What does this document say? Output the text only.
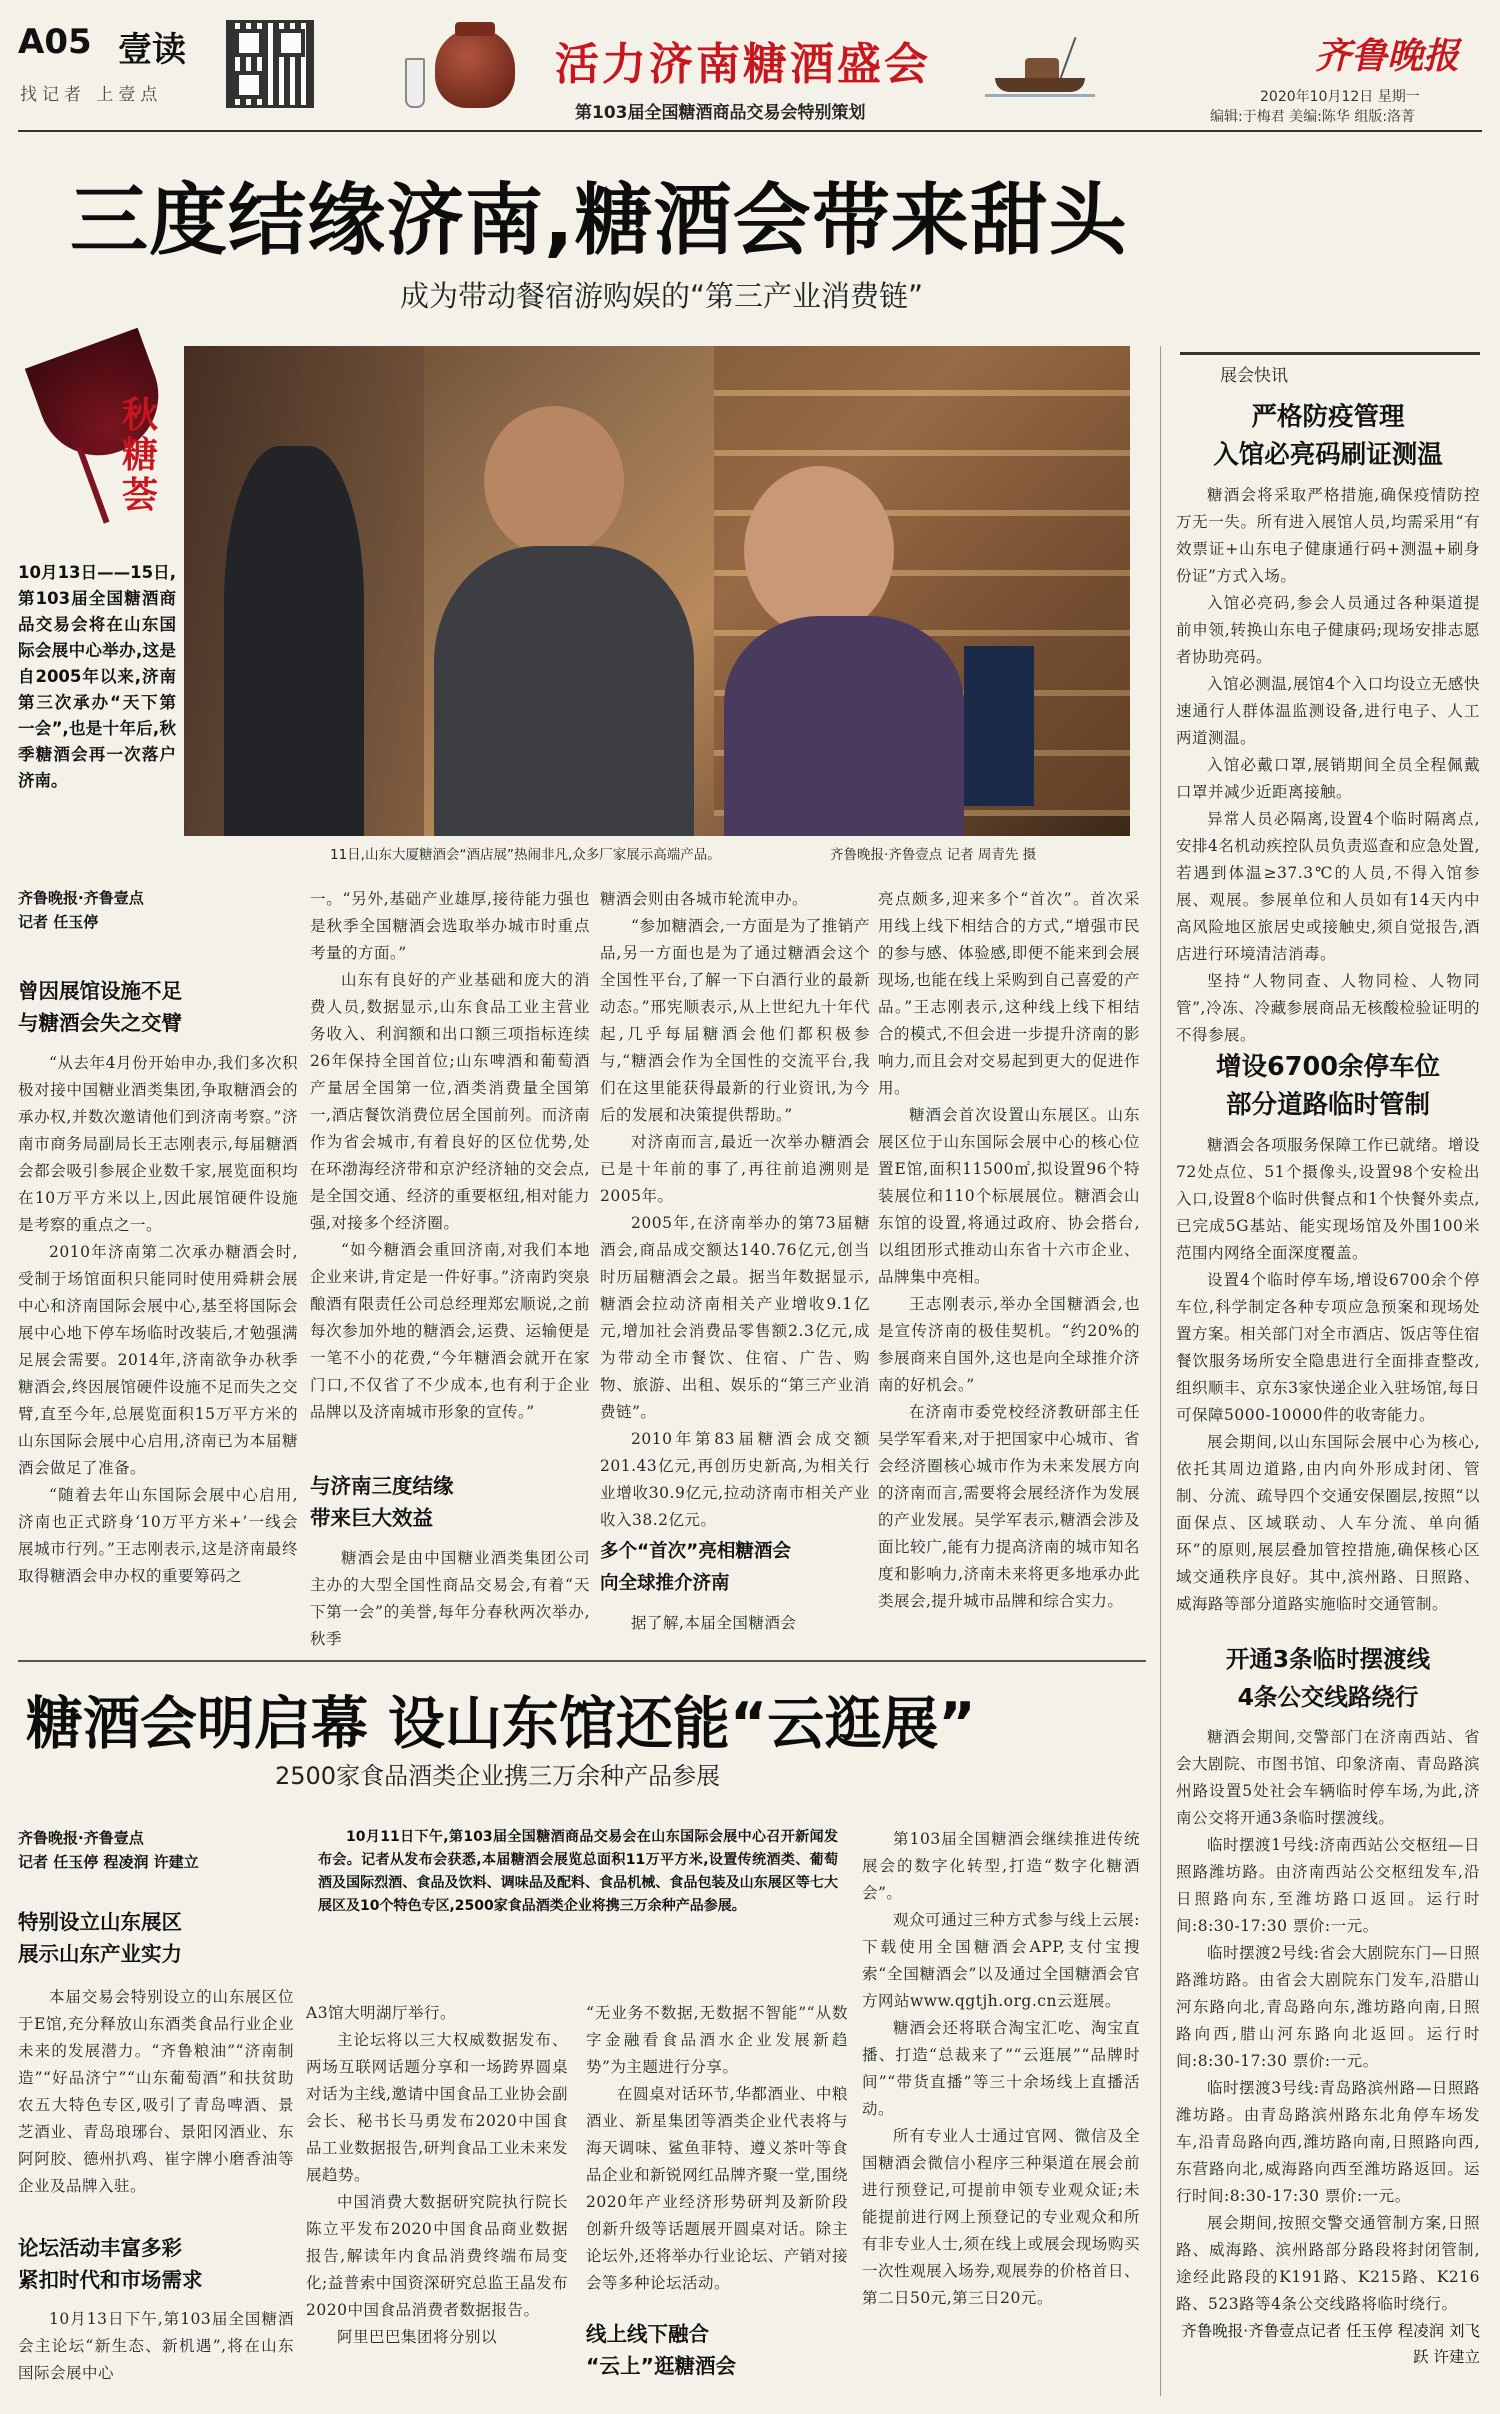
A05 壹读
找记者 上壹点
活力济南糖酒盛会
第103届全国糖酒商品交易会特别策划
齐鲁晚报
2020年10月12日 星期一
编辑:于梅君 美编:陈华 组版:洛菁
三度结缘济南,糖酒会带来甜头
成为带动餐宿游购娱的“第三产业消费链”
秋糖荟
10月13日——15日,第103届全国糖酒商品交易会将在山东国际会展中心举办,这是自2005年以来,济南第三次承办“天下第一会”,也是十年后,秋季糖酒会再一次落户济南。
11日,山东大厦糖酒会“酒店展”热闹非凡,众多厂家展示高端产品。	齐鲁晚报·齐鲁壹点 记者 周青先 摄
齐鲁晚报·齐鲁壹点
记者 任玉停
曾因展馆设施不足
与糖酒会失之交臂
“从去年4月份开始申办,我们多次积极对接中国糖业酒类集团,争取糖酒会的承办权,并数次邀请他们到济南考察。”济南市商务局副局长王志刚表示,每届糖酒会都会吸引参展企业数千家,展览面积均在10万平方米以上,因此展馆硬件设施是考察的重点之一。
2010年济南第二次承办糖酒会时,受制于场馆面积只能同时使用舜耕会展中心和济南国际会展中心,基至将国际会展中心地下停车场临时改装后,才勉强满足展会需要。2014年,济南欲争办秋季糖酒会,终因展馆硬件设施不足而失之交臂,直至今年,总展览面积15万平方米的山东国际会展中心启用,济南已为本届糖酒会做足了准备。
“随着去年山东国际会展中心启用,济南也正式跻身‘10万平方米+’一线会展城市行列。”王志刚表示,这是济南最终取得糖酒会申办权的重要筹码之
一。“另外,基础产业雄厚,接待能力强也是秋季全国糖酒会选取举办城市时重点考量的方面。”
山东有良好的产业基础和庞大的消费人员,数据显示,山东食品工业主营业务收入、利润额和出口额三项指标连续26年保持全国首位;山东啤酒和葡萄酒产量居全国第一位,酒类消费量全国第一,酒店餐饮消费位居全国前列。而济南作为省会城市,有着良好的区位优势,处在环渤海经济带和京沪经济轴的交会点,是全国交通、经济的重要枢纽,相对能力强,对接多个经济圈。
“如今糖酒会重回济南,对我们本地企业来讲,肯定是一件好事。”济南趵突泉酿酒有限责任公司总经理郑宏顺说,之前每次参加外地的糖酒会,运费、运输便是一笔不小的花费,“今年糖酒会就开在家门口,不仅省了不少成本,也有利于企业品牌以及济南城市形象的宣传。”
与济南三度结缘
带来巨大效益
糖酒会是由中国糖业酒类集团公司主办的大型全国性商品交易会,有着“天下第一会”的美誉,每年分春秋两次举办,秋季
糖酒会则由各城市轮流申办。
“参加糖酒会,一方面是为了推销产品,另一方面也是为了通过糖酒会这个全国性平台,了解一下白酒行业的最新动态。”邢宪顺表示,从上世纪九十年代起,几乎每届糖酒会他们都积极参与,“糖酒会作为全国性的交流平台,我们在这里能获得最新的行业资讯,为今后的发展和决策提供帮助。”
对济南而言,最近一次举办糖酒会已是十年前的事了,再往前追溯则是2005年。
2005年,在济南举办的第73届糖酒会,商品成交额达140.76亿元,创当时历届糖酒会之最。据当年数据显示,糖酒会拉动济南相关产业增收9.1亿元,增加社会消费品零售额2.3亿元,成为带动全市餐饮、住宿、广告、购物、旅游、出租、娱乐的“第三产业消费链”。
2010年第83届糖酒会成交额201.43亿元,再创历史新高,为相关行业增收30.9亿元,拉动济南市相关产业收入38.2亿元。
多个“首次”亮相糖酒会
向全球推介济南
据了解,本届全国糖酒会
亮点颇多,迎来多个“首次”。首次采用线上线下相结合的方式,“增强市民的参与感、体验感,即便不能来到会展现场,也能在线上采购到自己喜爱的产品。”王志刚表示,这种线上线下相结合的模式,不但会进一步提升济南的影响力,而且会对交易起到更大的促进作用。
糖酒会首次设置山东展区。山东展区位于山东国际会展中心的核心位置E馆,面积11500㎡,拟设置96个特装展位和110个标展展位。糖酒会山东馆的设置,将通过政府、协会搭台,以组团形式推动山东省十六市企业、品牌集中亮相。
王志刚表示,举办全国糖酒会,也是宣传济南的极佳契机。“约20%的参展商来自国外,这也是向全球推介济南的好机会。”
在济南市委党校经济教研部主任吴学军看来,对于把国家中心城市、省会经济圈核心城市作为未来发展方向的济南而言,需要将会展经济作为发展的产业发展。吴学军表示,糖酒会涉及面比较广,能有力提高济南的城市知名度和影响力,济南未来将更多地承办此类展会,提升城市品牌和综合实力。
糖酒会明启幕 设山东馆还能“云逛展”
2500家食品酒类企业携三万余种产品参展
齐鲁晚报·齐鲁壹点
记者 任玉停 程凌润 许建立
10月11日下午,第103届全国糖酒商品交易会在山东国际会展中心召开新闻发布会。记者从发布会获悉,本届糖酒会展览总面积11万平方米,设置传统酒类、葡萄酒及国际烈酒、食品及饮料、调味品及配料、食品机械、食品包装及山东展区等七大展区及10个特色专区,2500家食品酒类企业将携三万余种产品参展。
特别设立山东展区
展示山东产业实力
本届交易会特别设立的山东展区位于E馆,充分释放山东酒类食品行业企业未来的发展潜力。“齐鲁粮油”“济南制造”“好品济宁”“山东葡萄酒”和扶贫助农五大特色专区,吸引了青岛啤酒、景芝酒业、青岛琅琊台、景阳冈酒业、东阿阿胶、德州扒鸡、崔字牌小磨香油等企业及品牌入驻。
论坛活动丰富多彩
紧扣时代和市场需求
10月13日下午,第103届全国糖酒会主论坛“新生态、新机遇”,将在山东国际会展中心
A3馆大明湖厅举行。
主论坛将以三大权威数据发布、两场互联网话题分享和一场跨界圆桌对话为主线,邀请中国食品工业协会副会长、秘书长马勇发布2020中国食品工业数据报告,研判食品工业未来发展趋势。
中国消费大数据研究院执行院长陈立平发布2020中国食品商业数据报告,解读年内食品消费终端布局变化;益普索中国资深研究总监王晶发布2020中国食品消费者数据报告。
阿里巴巴集团将分别以
“无业务不数据,无数据不智能”“从数字金融看食品酒水企业发展新趋势”为主题进行分享。
在圆桌对话环节,华都酒业、中粮酒业、新星集团等酒类企业代表将与海天调味、鲨鱼菲特、遵义茶叶等食品企业和新锐网红品牌齐聚一堂,围绕2020年产业经济形势研判及新阶段创新升级等话题展开圆桌对话。除主论坛外,还将举办行业论坛、产销对接会等多种论坛活动。
线上线下融合
“云上”逛糖酒会
第103届全国糖酒会继续推进传统展会的数字化转型,打造“数字化糖酒会”。
观众可通过三种方式参与线上云展:下载使用全国糖酒会APP,支付宝搜索“全国糖酒会”以及通过全国糖酒会官方网站www.qgtjh.org.cn云逛展。
糖酒会还将联合淘宝汇吃、淘宝直播、打造“总裁来了”“云逛展”“品牌时间”“带货直播”等三十余场线上直播活动。
所有专业人士通过官网、微信及全国糖酒会微信小程序三种渠道在展会前进行预登记,可提前申领专业观众证;未能提前进行网上预登记的专业观众和所有非专业人士,须在线上或展会现场购买一次性观展入场券,观展券的价格首日、第二日50元,第三日20元。
展会快讯
严格防疫管理
入馆必亮码刷证测温
糖酒会将采取严格措施,确保疫情防控万无一失。所有进入展馆人员,均需采用“有效票证+山东电子健康通行码+测温+刷身份证”方式入场。
入馆必亮码,参会人员通过各种渠道提前申领,转换山东电子健康码;现场安排志愿者协助亮码。
入馆必测温,展馆4个入口均设立无感快速通行人群体温监测设备,进行电子、人工两道测温。
入馆必戴口罩,展销期间全员全程佩戴口罩并减少近距离接触。
异常人员必隔离,设置4个临时隔离点,安排4名机动疾控队员负责巡查和应急处置,若遇到体温≥37.3℃的人员,不得入馆参展、观展。参展单位和人员如有14天内中高风险地区旅居史或接触史,须自觉报告,酒店进行环境清洁消毒。
坚持“人物同查、人物同检、人物同管”,冷冻、冷藏参展商品无核酸检验证明的不得参展。
增设6700余停车位
部分道路临时管制
糖酒会各项服务保障工作已就绪。增设72处点位、51个摄像头,设置98个安检出入口,设置8个临时供餐点和1个快餐外卖点,已完成5G基站、能实现场馆及外围100米范围内网络全面深度覆盖。
设置4个临时停车场,增设6700余个停车位,科学制定各种专项应急预案和现场处置方案。相关部门对全市酒店、饭店等住宿餐饮服务场所安全隐患进行全面排查整改,组织顺丰、京东3家快递企业入驻场馆,每日可保障5000-10000件的收寄能力。
展会期间,以山东国际会展中心为核心,依托其周边道路,由内向外形成封闭、管制、分流、疏导四个交通安保圈层,按照“以面保点、区域联动、人车分流、单向循环”的原则,展层叠加管控措施,确保核心区域交通秩序良好。其中,滨州路、日照路、威海路等部分道路实施临时交通管制。
开通3条临时摆渡线
4条公交线路绕行
糖酒会期间,交警部门在济南西站、省会大剧院、市图书馆、印象济南、青岛路滨州路设置5处社会车辆临时停车场,为此,济南公交将开通3条临时摆渡线。
临时摆渡1号线:济南西站公交枢纽—日照路潍坊路。由济南西站公交枢纽发车,沿日照路向东,至潍坊路口返回。运行时间:8:30-17:30 票价:一元。
临时摆渡2号线:省会大剧院东门—日照路潍坊路。由省会大剧院东门发车,沿腊山河东路向北,青岛路向东,潍坊路向南,日照路向西,腊山河东路向北返回。运行时间:8:30-17:30 票价:一元。
临时摆渡3号线:青岛路滨州路—日照路潍坊路。由青岛路滨州路东北角停车场发车,沿青岛路向西,潍坊路向南,日照路向西,东营路向北,威海路向西至潍坊路返回。运行时间:8:30-17:30 票价:一元。
展会期间,按照交警交通管制方案,日照路、威海路、滨州路部分路段将封闭管制,途经此路段的K191路、K215路、K216路、523路等4条公交线路将临时绕行。
齐鲁晚报·齐鲁壹点记者 任玉停 程凌润 刘飞跃 许建立
